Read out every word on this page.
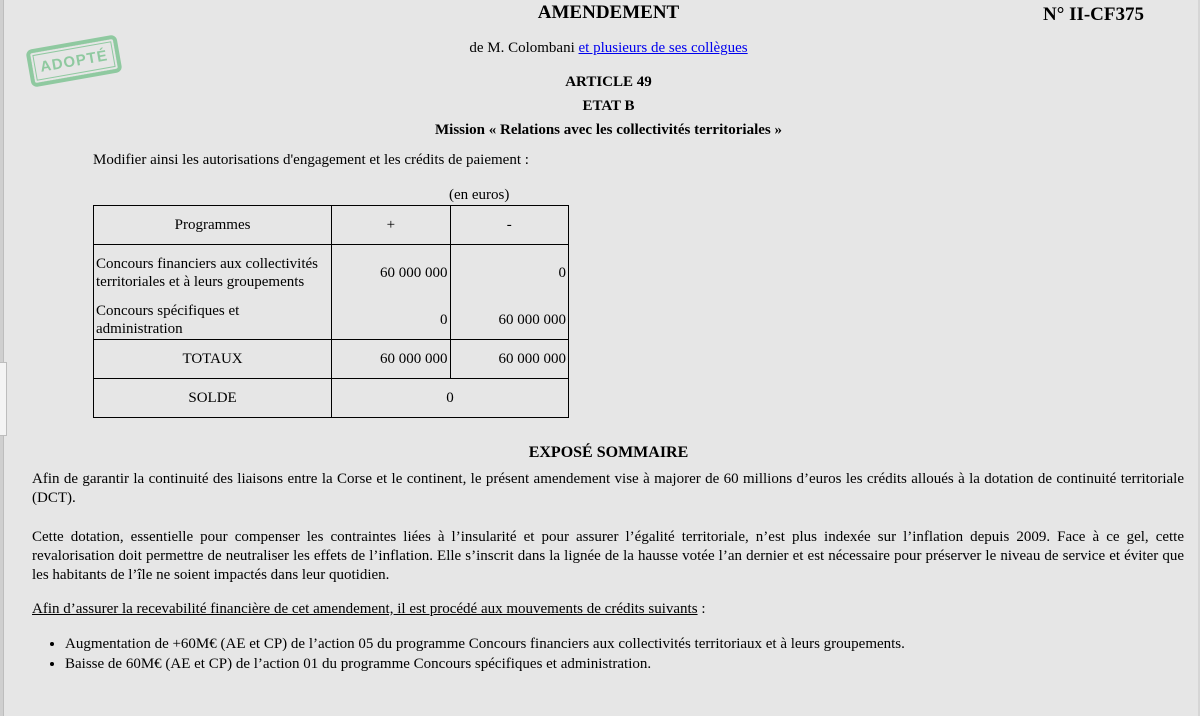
AMENDEMENT	N° II-CF375
ADOPTÉ	de M. Colombani et plusieurs de ses collègues
ARTICLE 49
ETAT B
Mission « Relations avec les collectivités territoriales »
Modifier ainsi les autorisations d'engagement et les crédits de paiement :
(en euros)
Programmes	+	-
Concours financiers aux collectivités territoriales et à leurs groupements	60 000 000	0
Concours spécifiques et administration	0	60 000 000
TOTAUX	60 000 000	60 000 000
SOLDE	0	
EXPOSÉ SOMMAIRE
Afin de garantir la continuité des liaisons entre la Corse et le continent, le présent amendement vise à majorer de 60 millions d’euros les crédits alloués à la dotation de continuité territoriale (DCT).
Cette dotation, essentielle pour compenser les contraintes liées à l’insularité et pour assurer l’égalité territoriale, n’est plus indexée sur l’inflation depuis 2009. Face à ce gel, cette revalorisation doit permettre de neutraliser les effets de l’inflation. Elle s’inscrit dans la lignée de la hausse votée l’an dernier et est nécessaire pour préserver le niveau de service et éviter que les habitants de l’île ne soient impactés dans leur quotidien.
Afin d’assurer la recevabilité financière de cet amendement, il est procédé aux mouvements de crédits suivants :
• Augmentation de +60M€ (AE et CP) de l’action 05 du programme Concours financiers aux collectivités territoriaux et à leurs groupements.
• Baisse de 60M€ (AE et CP) de l’action 01 du programme Concours spécifiques et administration.
